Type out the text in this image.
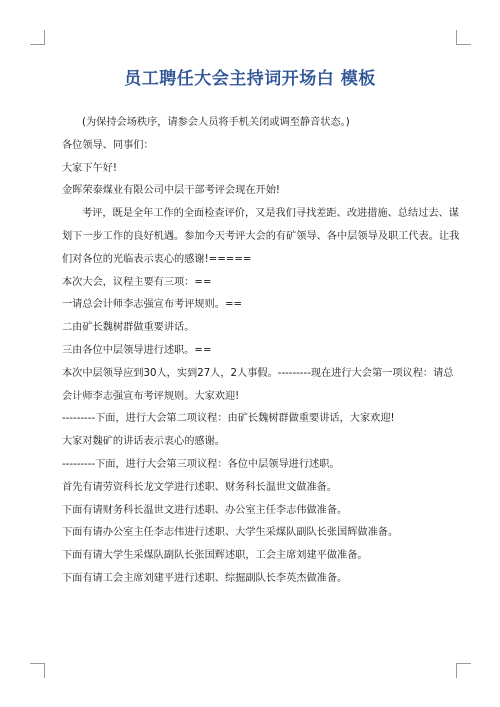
员工聘任大会主持词开场白 模板

(为保持会场秩序，请参会人员将手机关闭或调至静音状态。)

各位领导、同事们：

大家下午好!

金晖荣泰煤业有限公司中层干部考评会现在开始!

考评，既是全年工作的全面检查评价，又是我们寻找差距、改进措施、总结过去、谋划下一步工作的良好机遇。参加今天考评大会的有矿领导、各中层领导及职工代表。让我们对各位的光临表示衷心的感谢!=====

本次大会，议程主要有三项：==

一请总会计师李志强宣布考评规则。==

二由矿长魏树群做重要讲话。

三由各位中层领导进行述职。==

本次中层领导应到30人，实到27人，2人事假。---------现在进行大会第一项议程：请总会计师李志强宣布考评规则。大家欢迎!

---------下面，进行大会第二项议程：由矿长魏树群做重要讲话，大家欢迎!

大家对魏矿的讲话表示衷心的感谢。

---------下面，进行大会第三项议程：各位中层领导进行述职。

首先有请劳资科长龙文学进行述职、财务科长温世文做准备。

下面有请财务科长温世文进行述职、办公室主任李志伟做准备。

下面有请办公室主任李志伟进行述职、大学生采煤队副队长张国辉做准备。

下面有请大学生采煤队副队长张国辉述职，工会主席刘建平做准备。

下面有请工会主席刘建平进行述职、综掘副队长李英杰做准备。
